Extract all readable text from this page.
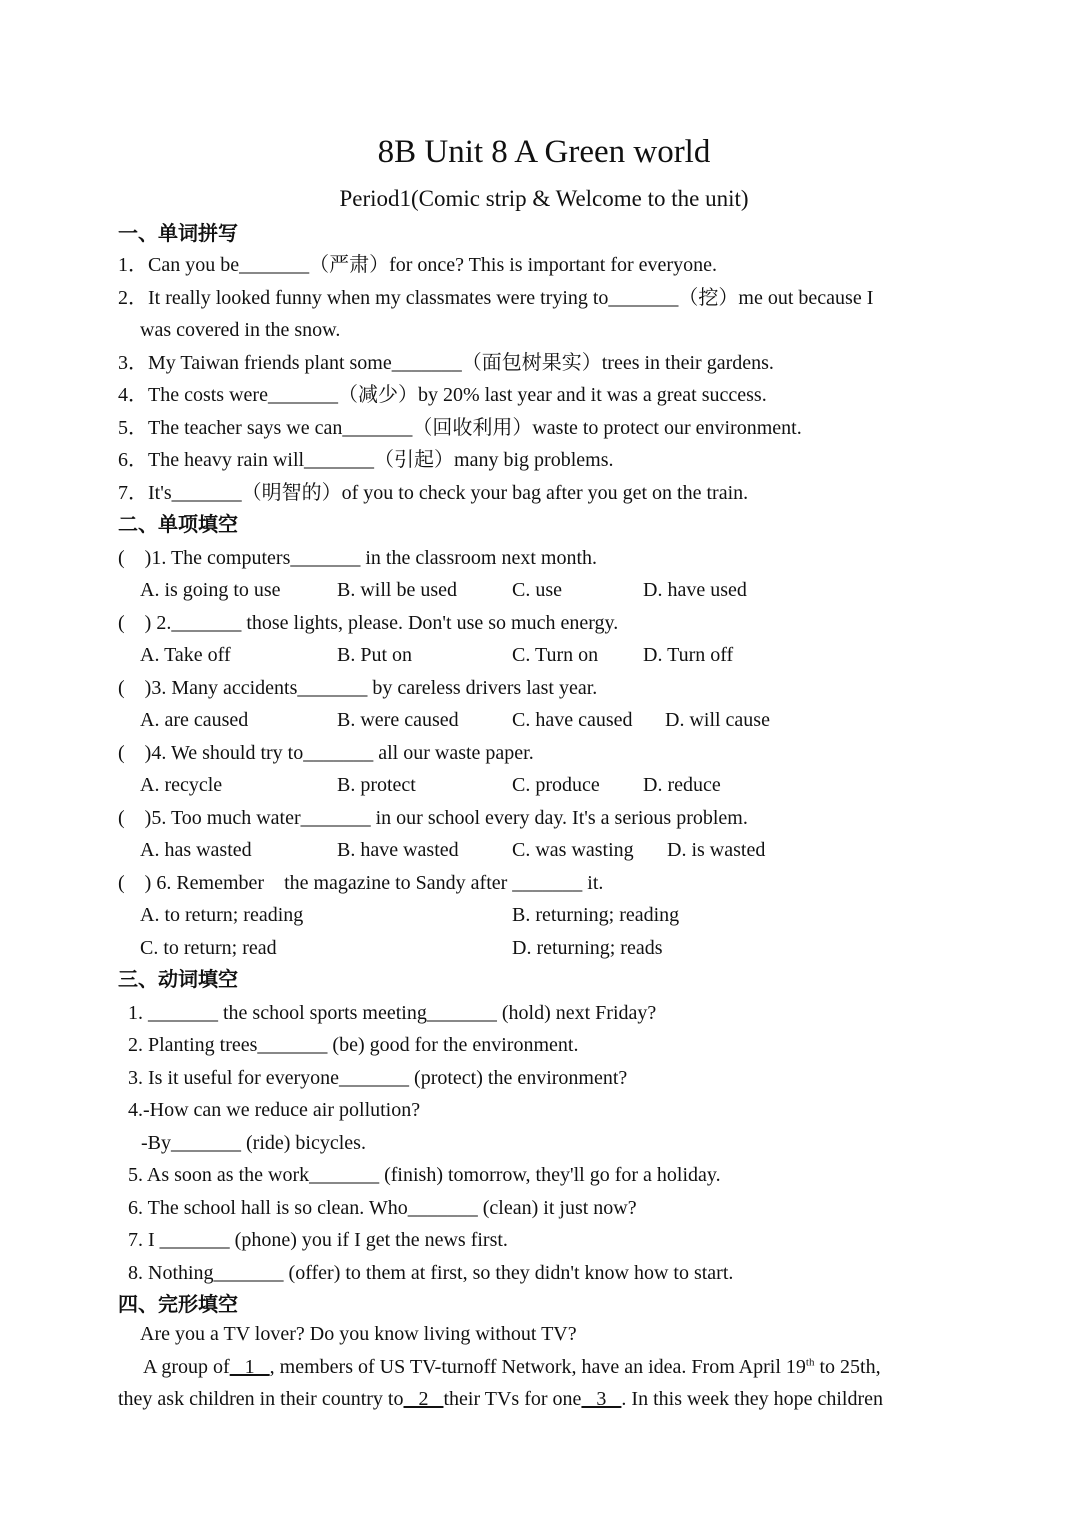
8B Unit 8 A Green world
Period1(Comic strip & Welcome to the unit)
一、单词拼写
1．Can you be_______（严肃）for once? This is important for everyone.
2．It really looked funny when my classmates were trying to_______（挖）me out because I
was covered in the snow.
3．My Taiwan friends plant some_______（面包树果实）trees in their gardens.
4．The costs were_______（减少）by 20% last year and it was a great success.
5．The teacher says we can_______（回收利用）waste to protect our environment.
6．The heavy rain will_______（引起）many big problems.
7．It's_______（明智的）of you to check your bag after you get on the train.
二、单项填空
(    )1. The computers_______ in the classroom next month.
A. is going to use	B. will be used	C. use	D. have used
(    ) 2._______ those lights, please. Don't use so much energy.
A. Take off	B. Put on	C. Turn on D. Turn off
(    )3. Many accidents_______ by careless drivers last year.
A. are caused	B. were caused	C. have caused D. will cause
(    )4. We should try to_______ all our waste paper.
A. recycle	B. protect	C. produce D. reduce
(    )5. Too much water_______ in our school every day. It's a serious problem.
A. has wasted	B. have wasted	C. was wasting D. is wasted
(    ) 6. Remember    the magazine to Sandy after _______ it.
A. to return; reading	B. returning; reading
C. to return; read	D. returning; reads
三、动词填空
1. _______ the school sports meeting_______ (hold) next Friday?
2. Planting trees_______ (be) good for the environment.
3. Is it useful for everyone_______ (protect) the environment?
4.-How can we reduce air pollution?
-By_______ (ride) bicycles.
5. As soon as the work_______ (finish) tomorrow, they'll go for a holiday.
6. The school hall is so clean. Who_______ (clean) it just now?
7. I _______ (phone) you if I get the news first.
8. Nothing_______ (offer) to them at first, so they didn't know how to start.
四、完形填空
Are you a TV lover? Do you know living without TV?
A group of   1   , members of US TV-turnoff Network, have an idea. From April 19th to 25th,
they ask children in their country to   2   their TVs for one   3   . In this week they hope children
